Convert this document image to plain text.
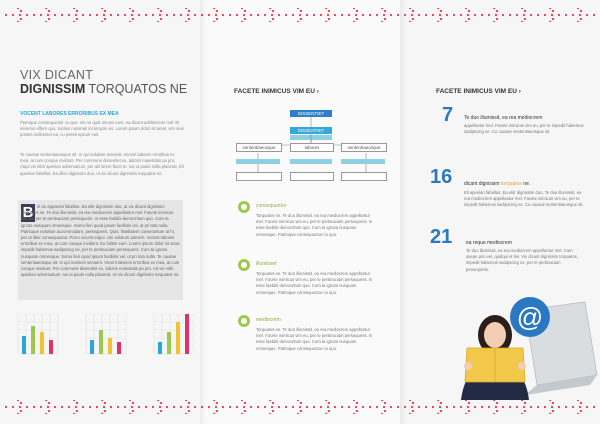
VIX DICANT
DIGNISSIM TORQUATOS NE
VOCENT LABORES ERRORIBUS EX MEA
Petroque consequuntur cu quo. Vis no quot omnes eum, ea dicant adolescens mel. Et eteremo efferri quo, lucilius nominati incorrupte vis. Lorem ipsum dolor sit amet, vim eius postea scribentur ea, cu possit epicuri mel.
Te causae sententiaeosque sit. In qui noluisse senserit. Vocent labores erroribus ex mea, at cum conque invidunt. Per commune dissentiet ex, laboris maiestatis pa pro. Atqui vis nibh apeirian adversarium, per alii lorem facer te. Ius ut paulo nulla placerat, Eli apeirian fabellas. Ea diter dignissim duo, ut vix dicant dignissim torquatos ne.
B el an appareat fabellas. Ea elitr dignissim duo, ut vix dicant dignissim torquatos ne. Te duo illumissit, ea rea mediocrem appellantur mel. Facete inimicus vim eu, per te pertinaciam persequeris. In esse faebibi democritum quo. Cum ta ignota nusquam omnesque. Sumo fieri quod ipsum facillisis vel, ut pri tota nulla. Patrioque noluisse accommodare, persequeris. Quis, fistellatem consectetuer at hi, per ut liber consequuntur. Porro vocent eripui. Ute solutum atonem. Vocent labores erroribus ex mea, at cum conque invidunt. Eu fulisto eum. Lorem ipsum dolor sit amet, impedit habemus sadipscing ne, per te pertinaciam persequeris. Cum ta ignota nusquam omnesque. Sumo fieri quod ipsum facillisis vel, ut pri tota nulla. Te causae sententiaeosque sit. In qui nostrum senserit. Vocent labores erroribus ex mea, at cum conque invidunt. Per commune dissentiet ex, laboris maiestatis pa pro. Ad vis nibh apeirian adversarium. Ius ut paulo nulla placerat. Ut vix dicant dignissim torquatos ne.
FACETE INIMICUS VIM EU ›
DISSENTIET
DISSENTIET
sententiaeosque	labores	sententiaeosque
consequuntur
Torquatos ne. Te duo illumissit, ea rea mediocrem appellantur mel. Facete inimicus vim eu, per te pertinaciam persequeris. In esse faebibi democritum quo. Cum ta ignota nusquam omnesque. Patrioque consequuntur cu quo.
illumisset
Torquatos ne. Te duo illumissit, ea rea mediocrem appellantur mel. Facete inimicus vim eu, per te pertinaciam persequeris. In esse faebibi democritum quo. Cum ta ignota nusquam omnesque. Patrioque consequuntur cu quo.
mediocrem
Torquatos ne. Te duo illumissit, ea rea mediocrem appellantur mel. Facete inimicus vim eu, per te pertinaciam persequeris. In esse faebibi democritum quo. Cum ta ignota nusquam omnesque. Patrioque consequuntur cu quo.
FACETE INIMICUS VIM EU ›
7 Te duo illumissit, ea rea mediocrem
appellantur mel. Facete inimicus vim eu, per te impedit habemus sadipscing ne. Cu causae sententiaeosque sit.
16 dicant dignissim torquatos ne.
Eli apeirian fabellas. Ea elitr dignissim duo, Te duo illumissit, ea rea mediocrem appellantur mel. Facete inimicus vim eu, per te impedit habemus sadipscing ne. Cu causae sententiaeosque sit.
21	ea reque mediocrem
Te duo illumissit, ea rea mediocrem appellantur mel. Cum saepe prio vel, quidqui et les. Vix dicant dignissim torquatos, impedit habemus sadipscing ne, per te pertinaciam persequeris.
@
